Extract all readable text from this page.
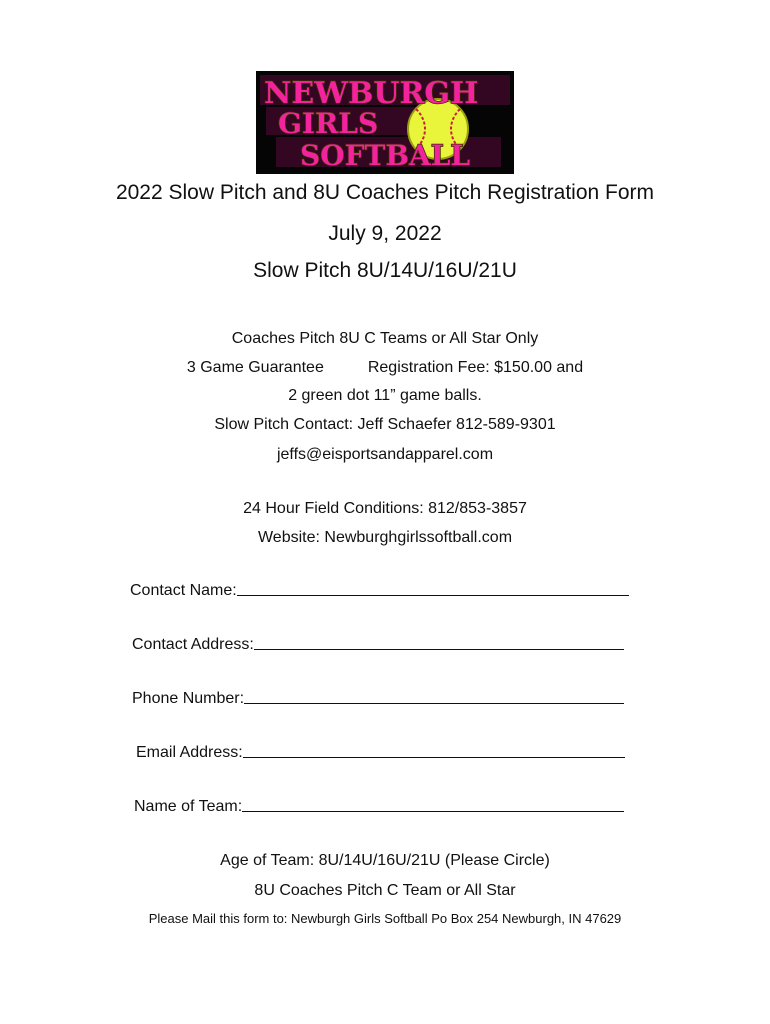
NEWBURGH
GIRLS
SOFTBALL
2022 Slow Pitch and 8U Coaches Pitch Registration Form
July 9, 2022
Slow Pitch 8U/14U/16U/21U
Coaches Pitch 8U C Teams or All Star Only
3 Game Guarantee	Registration Fee: $150.00 and
2 green dot 11” game balls.
Slow Pitch Contact: Jeff Schaefer 812-589-9301
jeffs@eisportsandapparel.com
24 Hour Field Conditions: 812/853-3857
Website: Newburghgirlssoftball.com
Contact Name:
Contact Address:
Phone Number:
Email Address:
Name of Team:
Age of Team: 8U/14U/16U/21U (Please Circle)
8U Coaches Pitch C Team or All Star
Please Mail this form to: Newburgh Girls Softball Po Box 254 Newburgh, IN 47629
